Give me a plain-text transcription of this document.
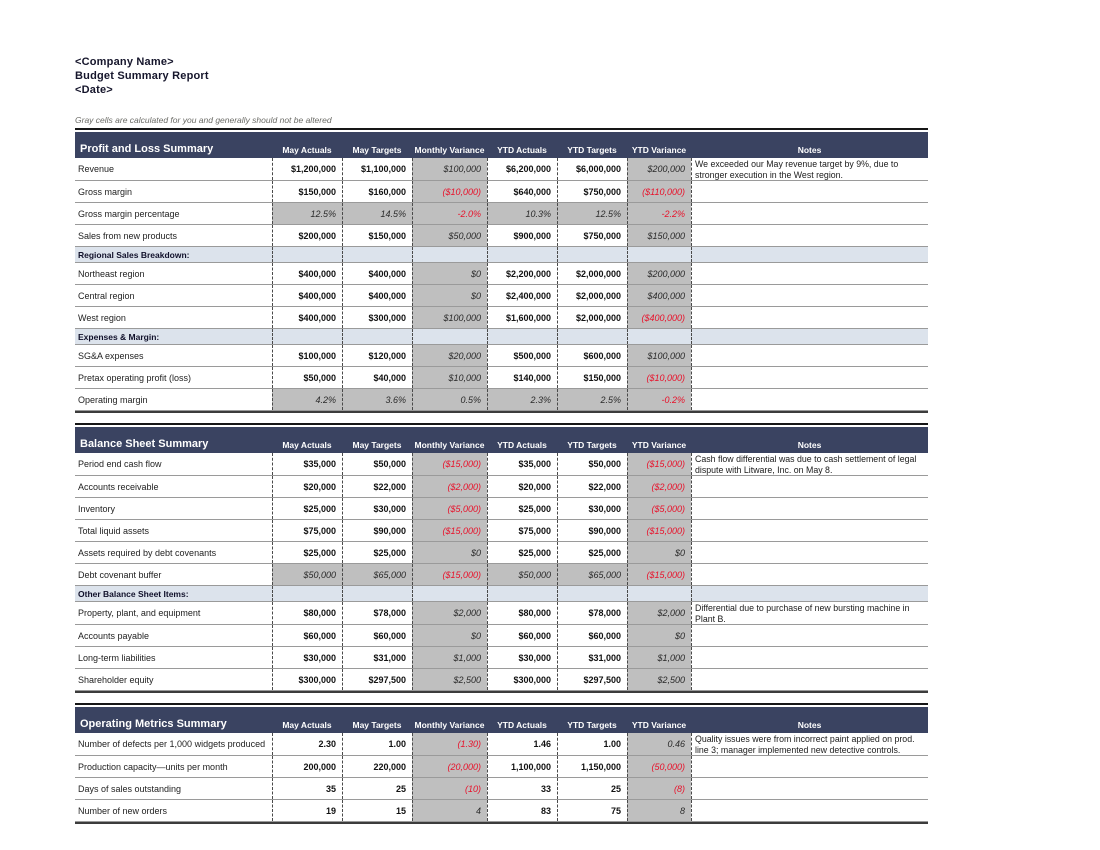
<Company Name>
Budget Summary Report
<Date>
Gray cells are calculated for you and generally should not be altered
Profit and Loss Summary	May Actuals	May Targets	Monthly Variance	YTD Actuals	YTD Targets	YTD Variance	Notes
Revenue	$1,200,000	$1,100,000	$100,000	$6,200,000	$6,000,000	$200,000	We exceeded our May revenue target by 9%, due to stronger execution in the West region.
Gross margin	$150,000	$160,000	($10,000)	$640,000	$750,000	($110,000)
Gross margin percentage	12.5%	14.5%	-2.0%	10.3%	12.5%	-2.2%
Sales from new products	$200,000	$150,000	$50,000	$900,000	$750,000	$150,000
Regional Sales Breakdown:
Northeast region	$400,000	$400,000	$0	$2,200,000	$2,000,000	$200,000
Central region	$400,000	$400,000	$0	$2,400,000	$2,000,000	$400,000
West region	$400,000	$300,000	$100,000	$1,600,000	$2,000,000	($400,000)
Expenses & Margin:
SG&A expenses	$100,000	$120,000	$20,000	$500,000	$600,000	$100,000
Pretax operating profit (loss)	$50,000	$40,000	$10,000	$140,000	$150,000	($10,000)
Operating margin	4.2%	3.6%	0.5%	2.3%	2.5%	-0.2%
Balance Sheet Summary	May Actuals	May Targets	Monthly Variance	YTD Actuals	YTD Targets	YTD Variance	Notes
Period end cash flow	$35,000	$50,000	($15,000)	$35,000	$50,000	($15,000)	Cash flow differential was due to cash settlement of legal dispute with Litware, Inc. on May 8.
Accounts receivable	$20,000	$22,000	($2,000)	$20,000	$22,000	($2,000)
Inventory	$25,000	$30,000	($5,000)	$25,000	$30,000	($5,000)
Total liquid assets	$75,000	$90,000	($15,000)	$75,000	$90,000	($15,000)
Assets required by debt covenants	$25,000	$25,000	$0	$25,000	$25,000	$0
Debt covenant buffer	$50,000	$65,000	($15,000)	$50,000	$65,000	($15,000)
Other Balance Sheet Items:
Property, plant, and equipment	$80,000	$78,000	$2,000	$80,000	$78,000	$2,000	Differential due to purchase of new bursting machine in Plant B.
Accounts payable	$60,000	$60,000	$0	$60,000	$60,000	$0
Long-term liabilities	$30,000	$31,000	$1,000	$30,000	$31,000	$1,000
Shareholder equity	$300,000	$297,500	$2,500	$300,000	$297,500	$2,500
Operating Metrics Summary	May Actuals	May Targets	Monthly Variance	YTD Actuals	YTD Targets	YTD Variance	Notes
Number of defects per 1,000 widgets produced	2.30	1.00	(1.30)	1.46	1.00	0.46	Quality issues were from incorrect paint applied on prod. line 3; manager implemented new detective controls.
Production capacity—units per month	200,000	220,000	(20,000)	1,100,000	1,150,000	(50,000)
Days of sales outstanding	35	25	(10)	33	25	(8)
Number of new orders	19	15	4	83	75	8
